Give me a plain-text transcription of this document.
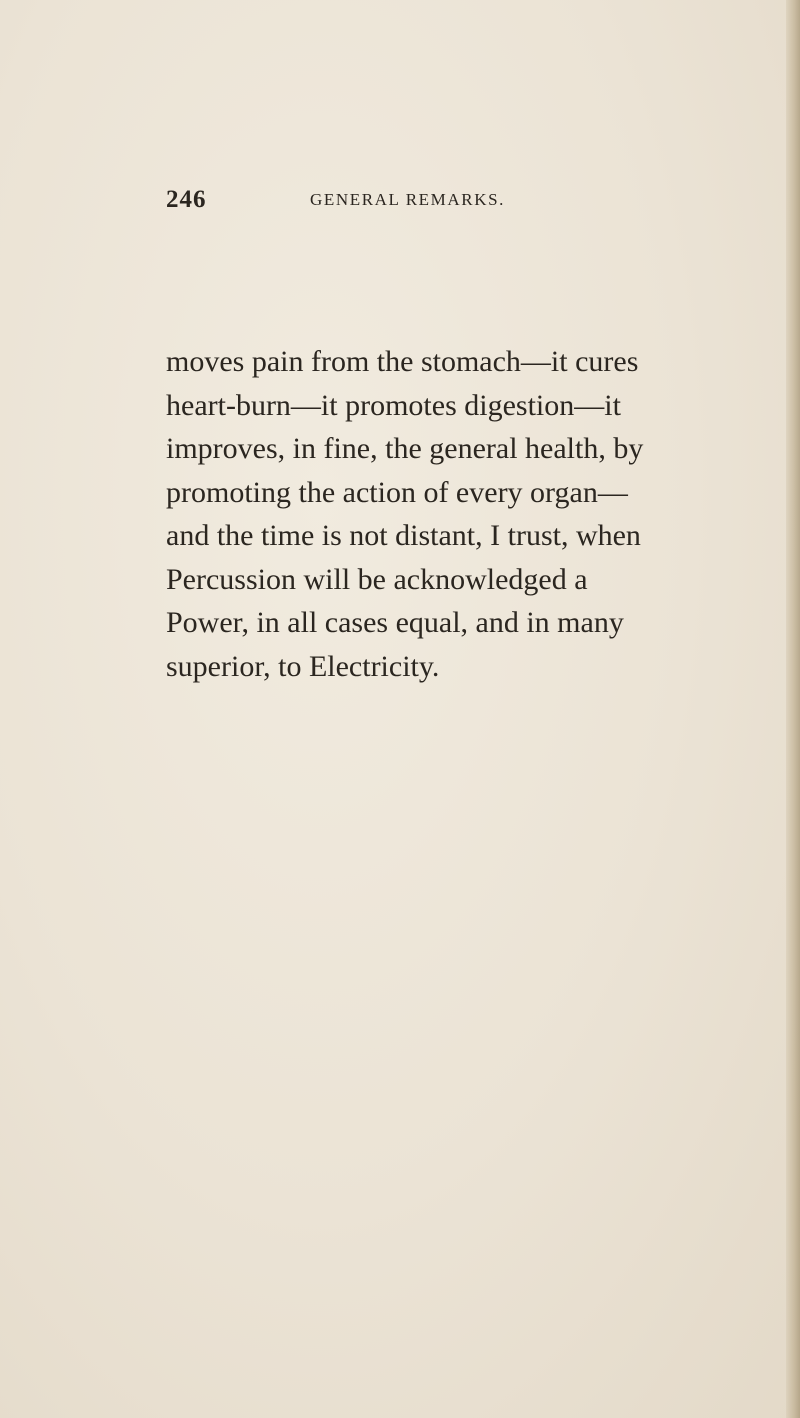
246	GENERAL REMARKS.
moves pain from the stomach—it cures
heart-burn—it promotes digestion—it
improves, in fine, the general health, by
promoting the action of every organ—
and the time is not distant, I trust, when
Percussion will be acknowledged a
Power, in all cases equal, and in many
superior, to Electricity.
